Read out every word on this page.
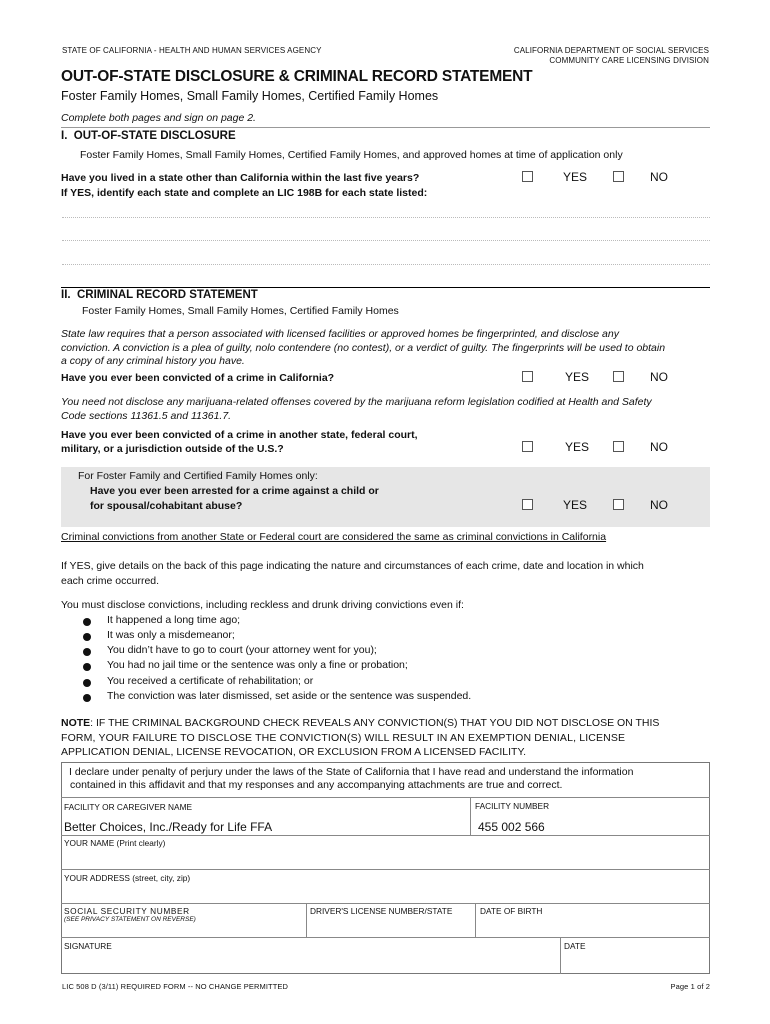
STATE OF CALIFORNIA - HEALTH AND HUMAN SERVICES AGENCY	CALIFORNIA DEPARTMENT OF SOCIAL SERVICES
COMMUNITY CARE LICENSING DIVISION
OUT-OF-STATE DISCLOSURE & CRIMINAL RECORD STATEMENT
Foster Family Homes, Small Family Homes, Certified Family Homes
Complete both pages and sign on page 2.
I. OUT-OF-STATE DISCLOSURE
Foster Family Homes, Small Family Homes, Certified Family Homes, and approved homes at time of application only
Have you lived in a state other than California within the last five years?
If YES, identify each state and complete an LIC 198B for each state listed:
YES	NO
II. CRIMINAL RECORD STATEMENT
Foster Family Homes, Small Family Homes, Certified Family Homes
State law requires that a person associated with licensed facilities or approved homes be fingerprinted, and disclose any
conviction. A conviction is a plea of guilty, nolo contendere (no contest), or a verdict of guilty. The fingerprints will be used to obtain
a copy of any criminal history you have.
Have you ever been convicted of a crime in California?	YES	NO
You need not disclose any marijuana-related offenses covered by the marijuana reform legislation codified at Health and Safety
Code sections 11361.5 and 11361.7.
Have you ever been convicted of a crime in another state, federal court,
military, or a jurisdiction outside of the U.S.?	YES	NO
For Foster Family and Certified Family Homes only:
Have you ever been arrested for a crime against a child or
for spousal/cohabitant abuse?	YES	NO
Criminal convictions from another State or Federal court are considered the same as criminal convictions in California
If YES, give details on the back of this page indicating the nature and circumstances of each crime, date and location in which
each crime occurred.
You must disclose convictions, including reckless and drunk driving convictions even if:
It happened a long time ago;
It was only a misdemeanor;
You didn’t have to go to court (your attorney went for you);
You had no jail time or the sentence was only a fine or probation;
You received a certificate of rehabilitation; or
The conviction was later dismissed, set aside or the sentence was suspended.
NOTE: IF THE CRIMINAL BACKGROUND CHECK REVEALS ANY CONVICTION(S) THAT YOU DID NOT DISCLOSE ON THIS
FORM, YOUR FAILURE TO DISCLOSE THE CONVICTION(S) WILL RESULT IN AN EXEMPTION DENIAL, LICENSE
APPLICATION DENIAL, LICENSE REVOCATION, OR EXCLUSION FROM A LICENSED FACILITY.
I declare under penalty of perjury under the laws of the State of California that I have read and understand the information
contained in this affidavit and that my responses and any accompanying attachments are true and correct.
FACILITY OR CAREGIVER NAME
Better Choices, Inc./Ready for Life FFA
FACILITY NUMBER
455 002 566
YOUR NAME (Print clearly)
YOUR ADDRESS (street, city, zip)
SOCIAL SECURITY NUMBER
(SEE PRIVACY STATEMENT ON REVERSE)
DRIVER'S LICENSE NUMBER/STATE	DATE OF BIRTH
SIGNATURE	DATE
LIC 508 D (3/11) REQUIRED FORM -- NO CHANGE PERMITTED	Page 1 of 2
